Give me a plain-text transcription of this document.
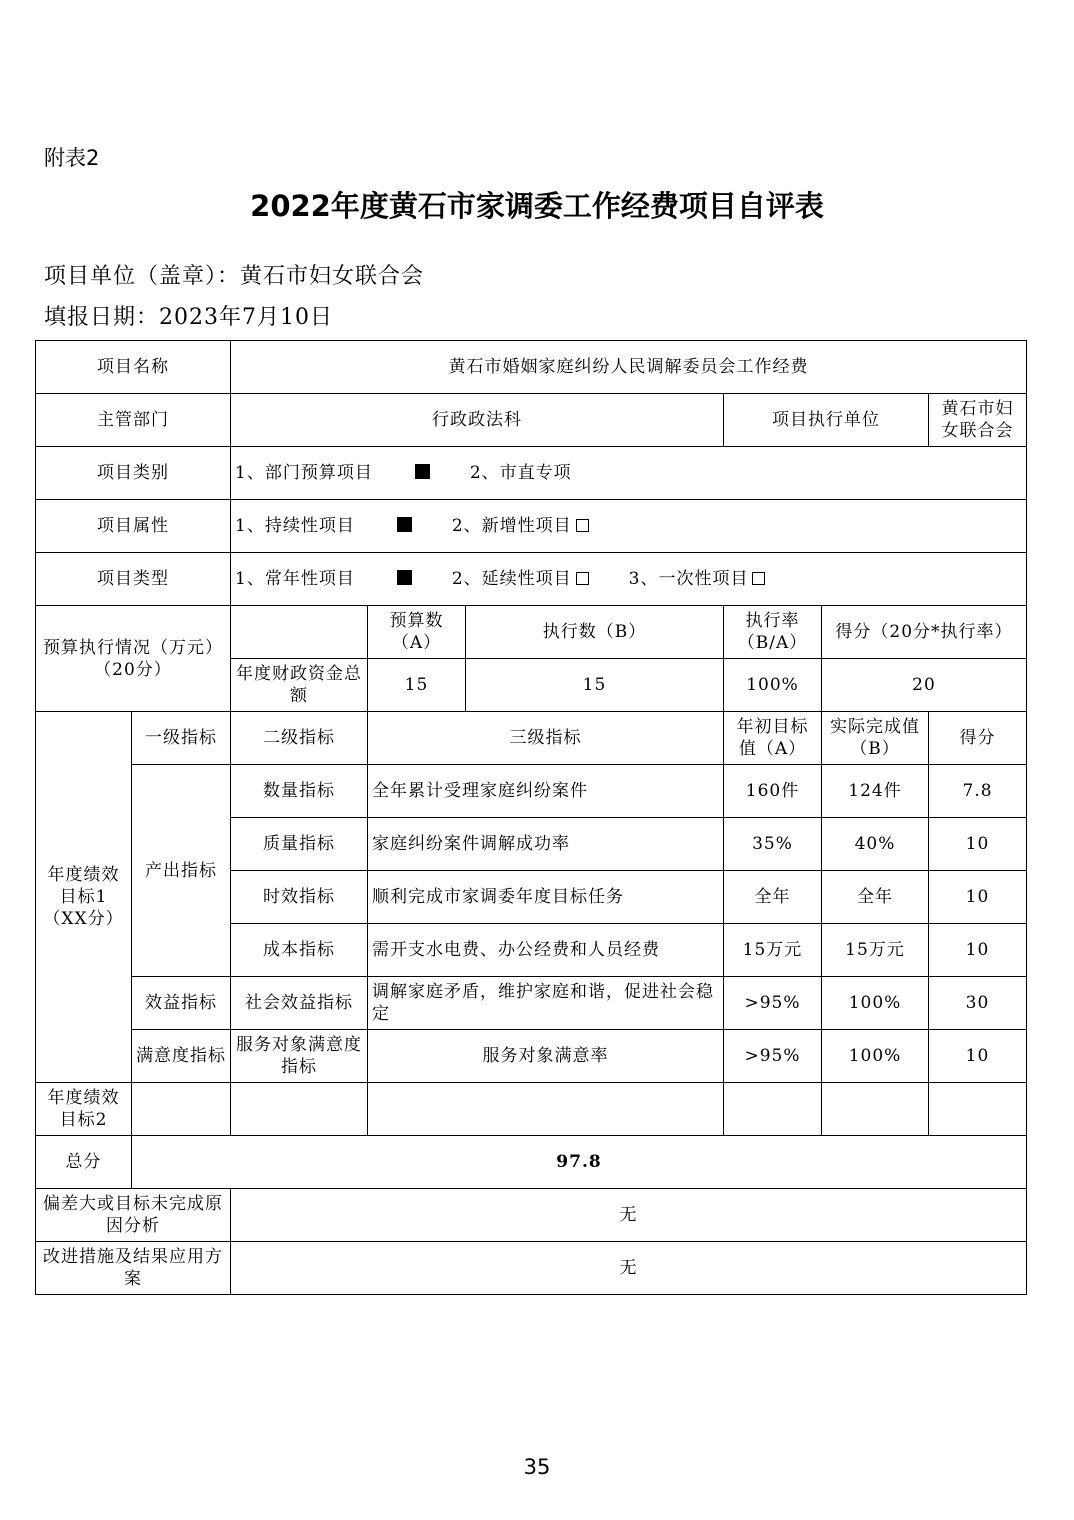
附表2
2022年度黄石市家调委工作经费项目自评表
项目单位（盖章）：黄石市妇女联合会
填报日期：2023年7月10日
项目名称		黄石市婚姻家庭纠纷人民调解委员会工作经费					
主管部门		行政政法科			项目执行单位		黄石市妇女联合会
项目类别		1、部门预算项目 2、市直专项					
项目属性		1、持续性项目 2、新增性项目					
项目类型		1、常年性项目 2、延续性项目 3、一次性项目					
预算执行情况（万元）（20分）			预算数（A）	执行数（B）	执行率（B/A）	得分（20分*执行率）	
		年度财政资金总额	15	15	100%	20	
年度绩效目标1（XX分）	一级指标	二级指标	三级指标		年初目标值（A）	实际完成值（B）	得分
	产出指标	数量指标	全年累计受理家庭纠纷案件		160件	124件	7.8
		质量指标	家庭纠纷案件调解成功率		35%	40%	10
		时效指标	顺利完成市家调委年度目标任务		全年	全年	10
		成本指标	需开支水电费、办公经费和人员经费		15万元	15万元	10
	效益指标	社会效益指标	调解家庭矛盾，维护家庭和谐，促进社会稳定		>95%	100%	30
	满意度指标	服务对象满意度指标	服务对象满意率		>95%	100%	10
年度绩效目标2							
总分	97.8						
偏差大或目标未完成原因分析		无					
改进措施及结果应用方案		无					
35
